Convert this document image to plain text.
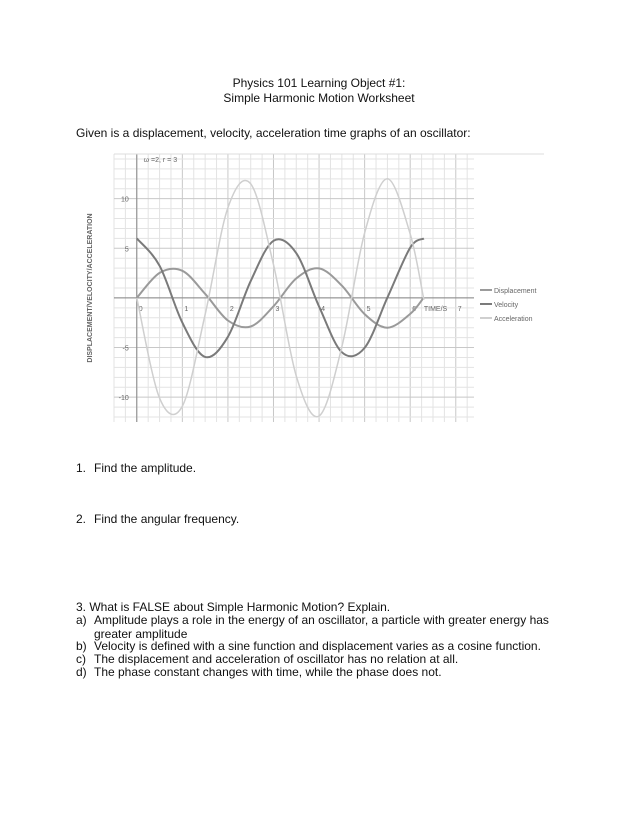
Physics 101 Learning Object #1:
Simple Harmonic Motion Worksheet
Given is a displacement, velocity, acceleration time graphs of an oscillator:
0	1	2	3	4	5	6	7
10
5
-5
-10
TIME/S
DISPLACEMENT/VELOCITY/ACCELERATION
ω =2, r = 3
Displacement
Velocity
Acceleration
1. Find the amplitude.
2. Find the angular frequency.
3. What is FALSE about Simple Harmonic Motion? Explain.
a) Amplitude plays a role in the energy of an oscillator, a particle with greater energy has greater amplitude
b) Velocity is defined with a sine function and displacement varies as a cosine function.
c) The displacement and acceleration of oscillator has no relation at all.
d) The phase constant changes with time, while the phase does not.
